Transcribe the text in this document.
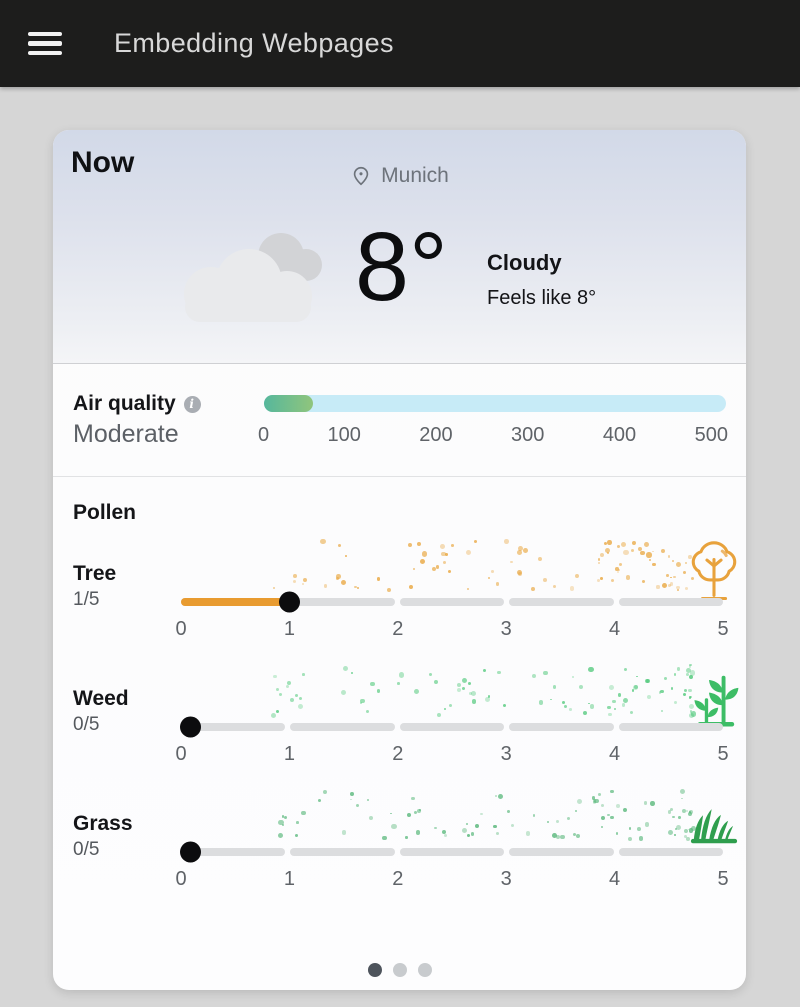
Embedding Webpages
Now	Munich
8° Cloudy
Feels like 8°
Air quality	i
Moderate	0	100	200	300	400	500
Pollen
Tree
1/5
0	1	2	3	4	5
Weed
0/5
0	1	2	3	4	5
Grass
0/5
0	1	2	3	4	5
